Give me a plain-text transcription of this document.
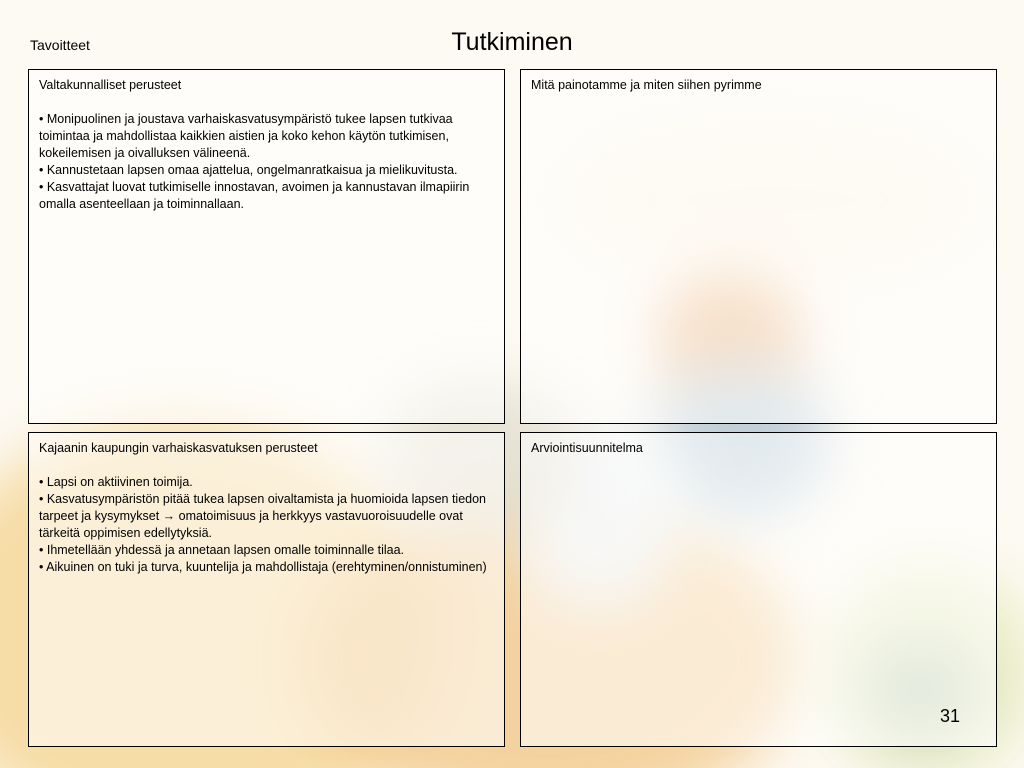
Tavoitteet	Tutkiminen
Valtakunnalliset perusteet
• Monipuolinen ja joustava varhaiskasvatusympäristö tukee lapsen tutkivaa toimintaa ja mahdollistaa kaikkien aistien ja koko kehon käytön tutkimisen, kokeilemisen ja oivalluksen välineenä.
• Kannustetaan lapsen omaa ajattelua, ongelmanratkaisua ja mielikuvitusta.
• Kasvattajat luovat tutkimiselle innostavan, avoimen ja kannustavan ilmapiirin omalla asenteellaan ja toiminnallaan.
Mitä painotamme ja miten siihen pyrimme
Kajaanin kaupungin varhaiskasvatuksen perusteet
• Lapsi on aktiivinen toimija.
• Kasvatusympäristön pitää tukea lapsen oivaltamista ja huomioida lapsen tiedon tarpeet ja kysymykset → omatoimisuus ja herkkyys vastavuoroisuudelle ovat tärkeitä oppimisen edellytyksiä.
• Ihmetellään yhdessä ja annetaan lapsen omalle toiminnalle tilaa.
• Aikuinen on tuki ja turva, kuuntelija ja mahdollistaja (erehtyminen/onnistuminen)
Arviointisuunnitelma
31
